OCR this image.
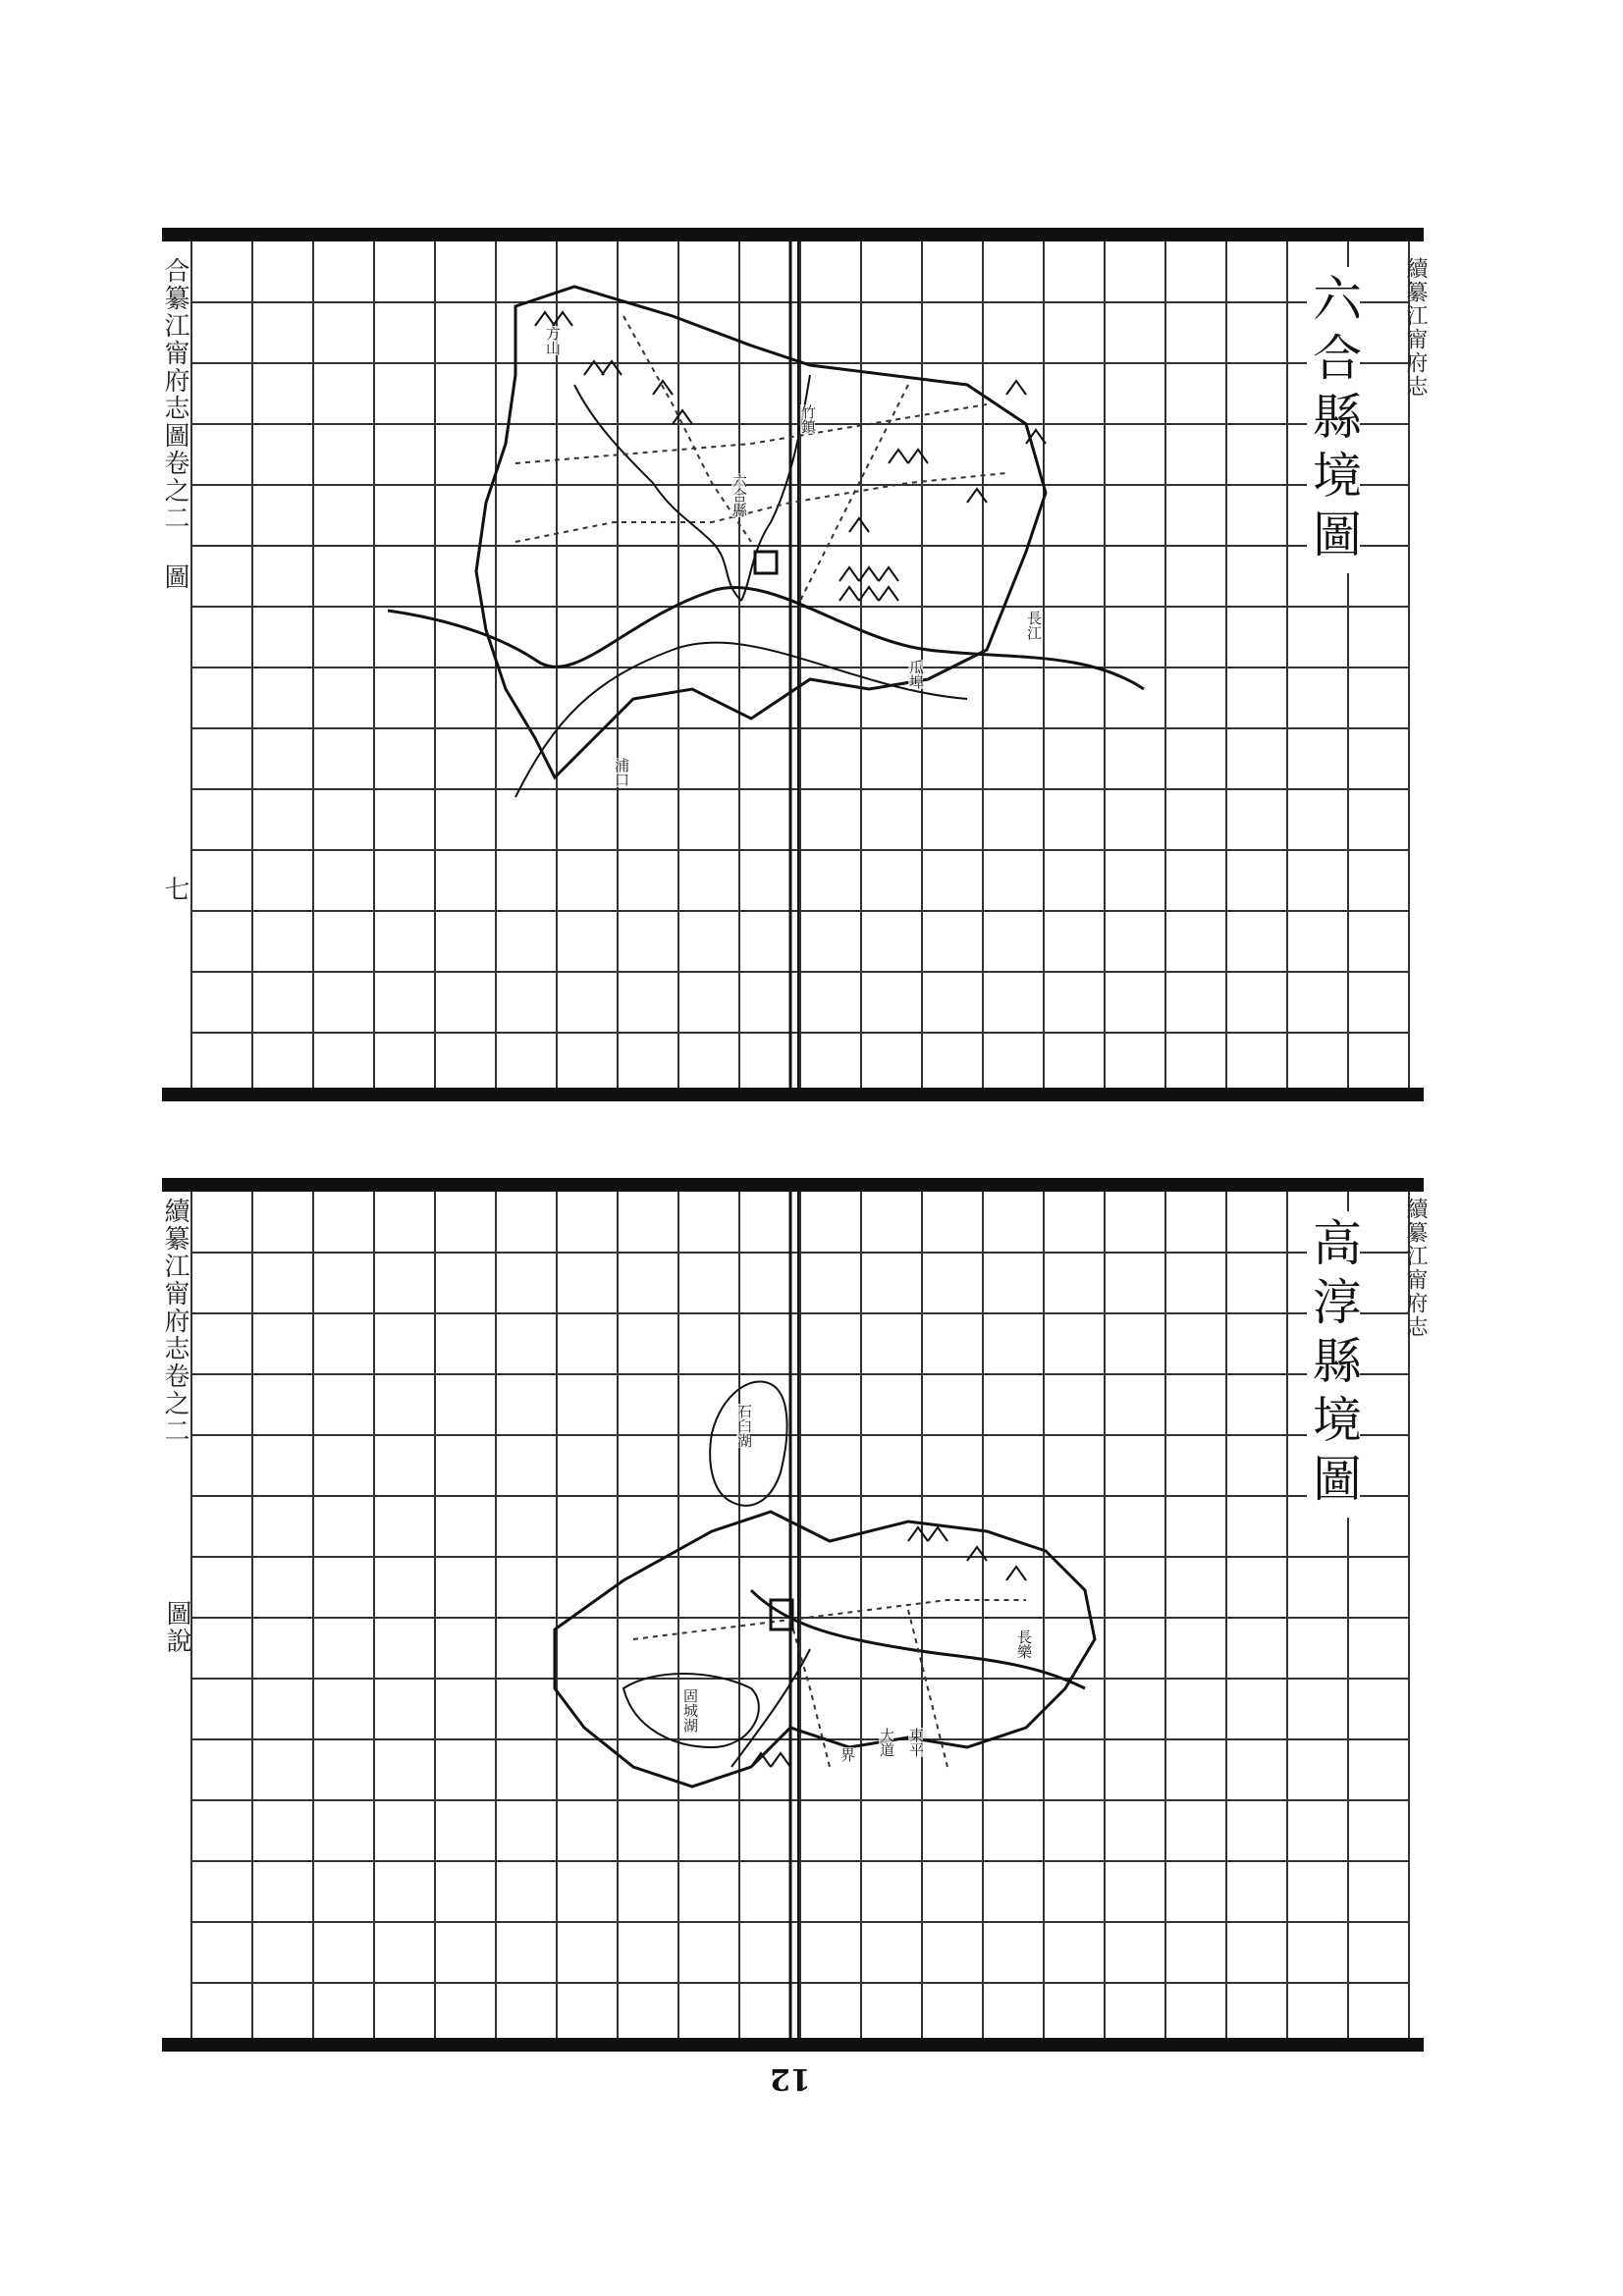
六合縣境圖
合纂江甯府志圖卷之二 圖
七
續纂江甯府志
方山
竹鎮
浦口
瓜埠
長江
六合縣
高淳縣境圖
續纂江甯府志卷之二
圖說
續纂江甯府志
石臼湖
固城湖
大道
界	東平
長樂
12
